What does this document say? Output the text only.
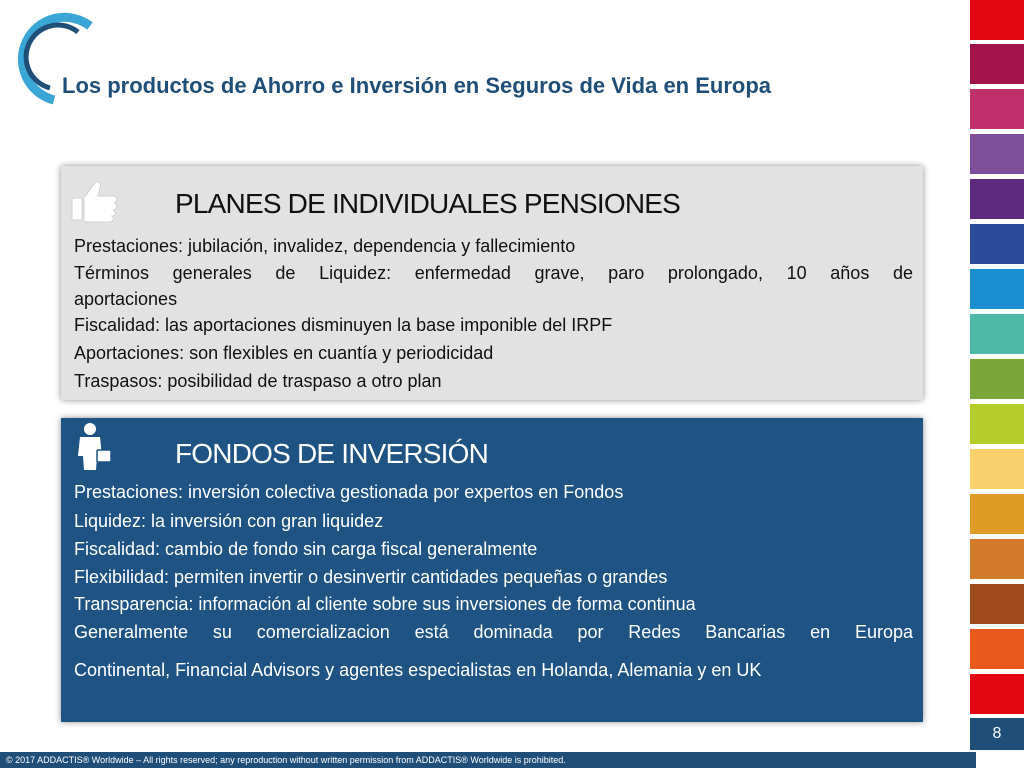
Los productos de Ahorro e Inversión en Seguros de Vida en Europa
8
PLANES DE INDIVIDUALES PENSIONES
Prestaciones: jubilación, invalidez, dependencia y fallecimiento
Términos generales de Liquidez: enfermedad grave, paro prolongado, 10 años de
aportaciones
Fiscalidad: las aportaciones disminuyen la base imponible del IRPF
Aportaciones: son flexibles en cuantía y periodicidad
Traspasos: posibilidad de traspaso a otro plan
FONDOS DE INVERSIÓN
Prestaciones: inversión colectiva gestionada por expertos en Fondos
Liquidez: la inversión con gran liquidez
Fiscalidad: cambio de fondo sin carga fiscal generalmente
Flexibilidad: permiten invertir o desinvertir cantidades pequeñas o grandes
Transparencia: información al cliente sobre sus inversiones de forma continua
Generalmente su comercializacion está dominada por Redes Bancarias en Europa
Continental, Financial Advisors y agentes especialistas en Holanda, Alemania y en UK
© 2017 ADDACTIS® Worldwide – All rights reserved; any reproduction without written permission from ADDACTIS® Worldwide is prohibited.
